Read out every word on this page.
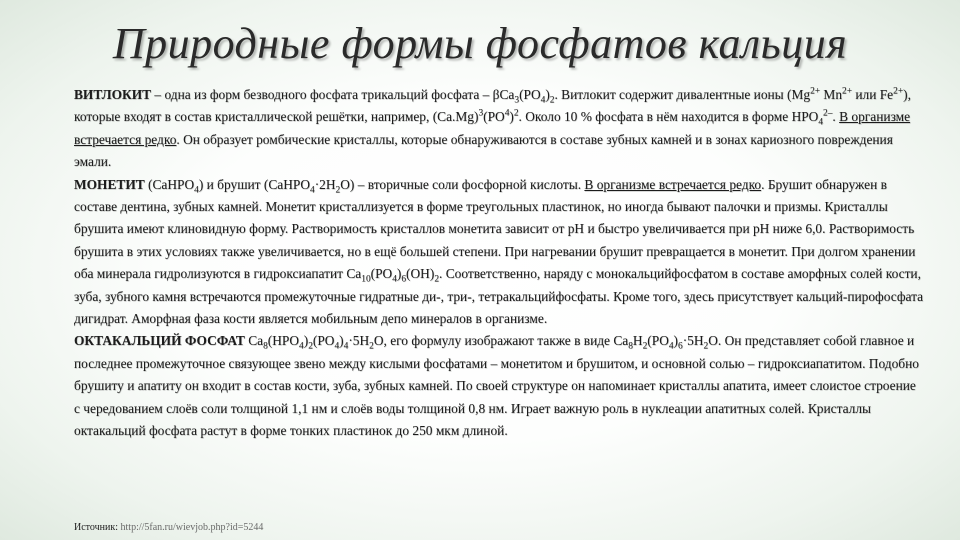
Природные формы фосфатов кальция

ВИТЛОКИТ – одна из форм безводного фосфата трикальций фосфата – $\beta Ca_3(PO_4)_2$. Витлокит содержит дивалентные ионы ($Mg^{2+}$ $Mn^{2+}$ или $Fe^{2+}$), которые входят в состав кристаллической решётки, например, $(Ca.Mg)^3(PO^4)^2$. Около 10 % фосфата в нём находится в форме $HPO_4^{2-}$. В организме встречается редко. Он образует ромбические кристаллы, которые обнаруживаются в составе зубных камней и в зонах кариозного повреждения эмали.

МОНЕТИТ (CaHPO$_4$) и брушит $(CaHPO_4\cdot 2H_2O)$ – вторичные соли фосфорной кислоты. В организме встречается редко. Брушит обнаружен в составе дентина, зубных камней. Монетит кристаллизуется в форме треугольных пластинок, но иногда бывают палочки и призмы. Кристаллы брушита имеют клиновидную форму. Растворимость кристаллов монетита зависит от pH и быстро увеличивается при pH ниже 6,0. Растворимость брушита в этих условиях также увеличивается, но в ещё большей степени. При нагревании брушит превращается в монетит. При долгом хранении оба минерала гидролизуются в гидроксиапатит $Ca_{10}(PO_4)_6(OH)_2$. Соответственно, наряду с монокальцийфосфатом в составе аморфных солей кости, зуба, зубного камня встречаются промежуточные гидратные ди-, три-, тетракальцийфосфаты. Кроме того, здесь присутствует кальций-пирофосфата дигидрат. Аморфная фаза кости является мобильным депо минералов в организме.

ОКТАКАЛЬЦИЙ ФОСФАТ $Ca_8(HPO_4)_2(PO_4)_4\cdot 5H_2O$, его формулу изображают также в виде $Ca_8H_2(PO_4)_6\cdot 5H_2O$. Он представляет собой главное и последнее промежуточное связующее звено между кислыми фосфатами – монетитом и брушитом, и основной солью – гидроксиапатитом. Подобно брушиту и апатиту он входит в состав кости, зуба, зубных камней. По своей структуре он напоминает кристаллы апатита, имеет слоистое строение с чередованием слоёв соли толщиной 1,1 нм и слоёв воды толщиной 0,8 нм. Играет важную роль в нуклеации апатитных солей. Кристаллы октакальций фосфата растут в форме тонких пластинок до 250 мкм длиной.

Источник: http://5fan.ru/wievjob.php?id=5244
